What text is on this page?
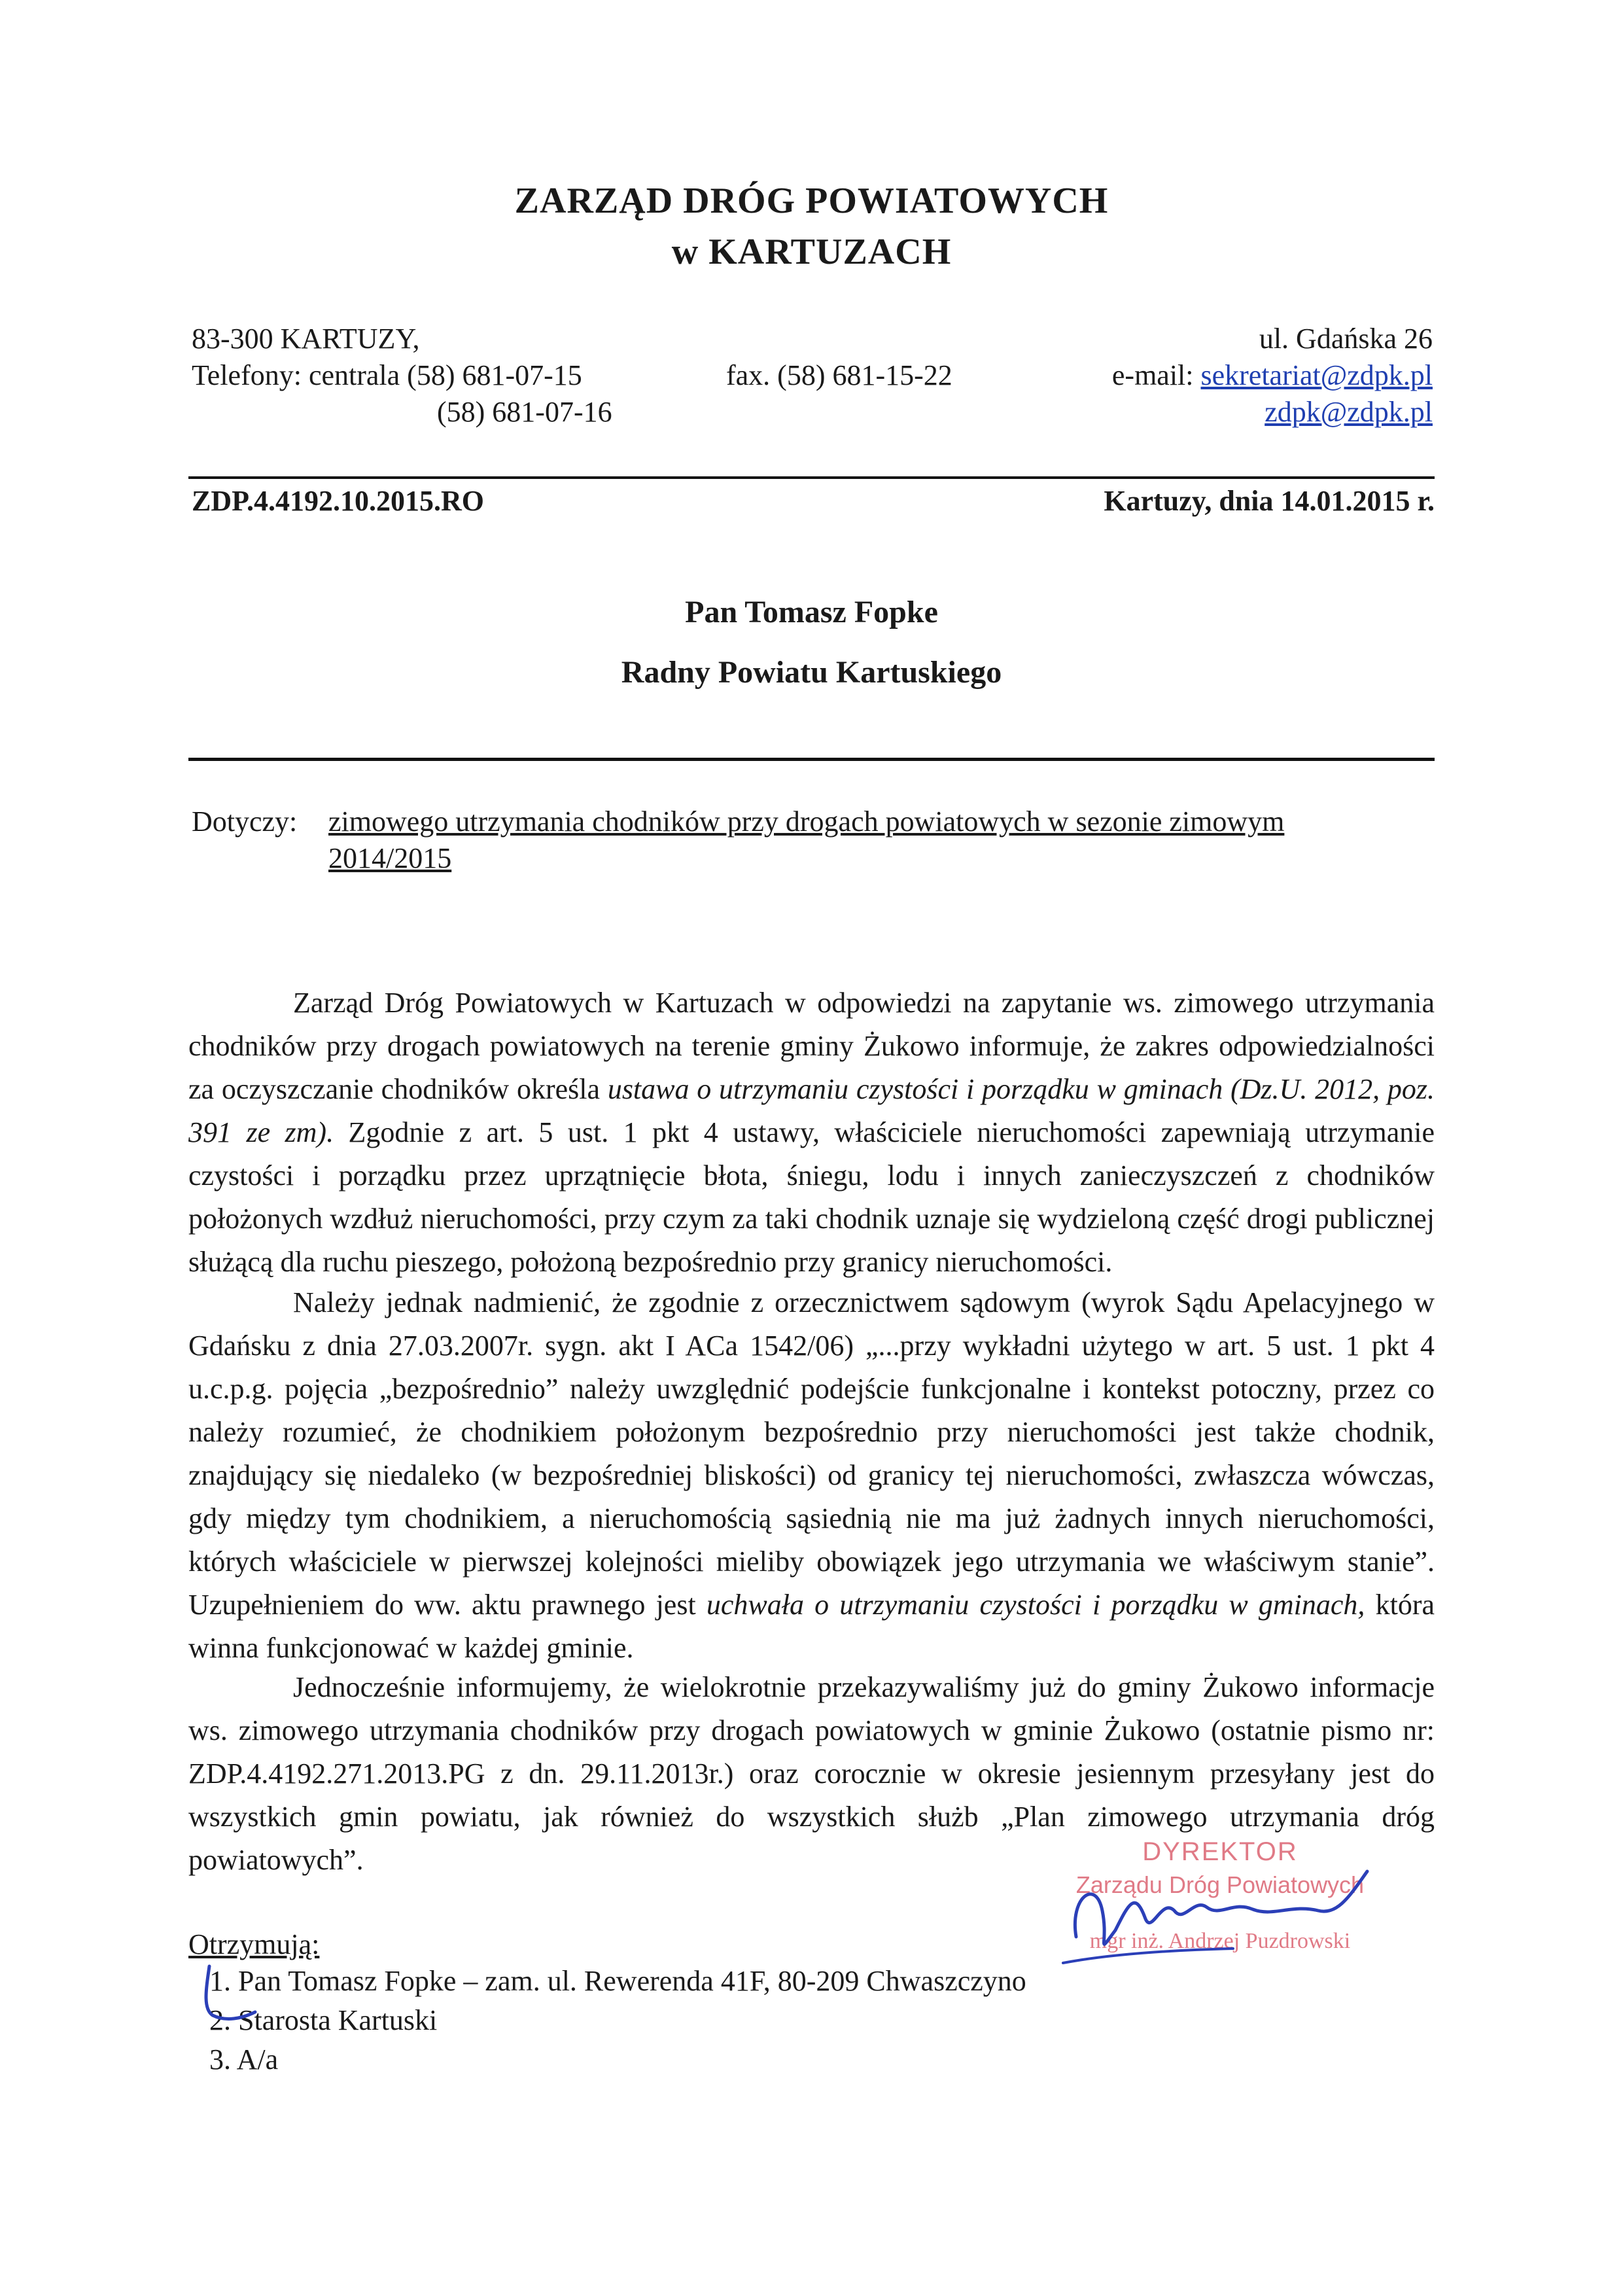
ZARZĄD DRÓG POWIATOWYCH
w KARTUZACH
83-300 KARTUZY,
Telefony: centrala (58) 681-07-15
(58) 681-07-16
fax. (58) 681-15-22
ul. Gdańska 26
e-mail: sekretariat@zdpk.pl
zdpk@zdpk.pl
ZDP.4.4192.10.2015.RO	Kartuzy, dnia 14.01.2015 r.
Pan Tomasz Fopke
Radny Powiatu Kartuskiego
Dotyczy: zimowego utrzymania chodników przy drogach powiatowych w sezonie zimowym
2014/2015
Zarząd Dróg Powiatowych w Kartuzach w odpowiedzi na zapytanie ws. zimowego utrzymania chodników przy drogach powiatowych na terenie gminy Żukowo informuje, że zakres odpowiedzialności za oczyszczanie chodników określa ustawa o utrzymaniu czystości i porządku w gminach (Dz.U. 2012, poz. 391 ze zm). Zgodnie z art. 5 ust. 1 pkt 4 ustawy, właściciele nieruchomości zapewniają utrzymanie czystości i porządku przez uprzątnięcie błota, śniegu, lodu i innych zanieczyszczeń z chodników położonych wzdłuż nieruchomości, przy czym za taki chodnik uznaje się wydzieloną część drogi publicznej służącą dla ruchu pieszego, położoną bezpośrednio przy granicy nieruchomości.
Należy jednak nadmienić, że zgodnie z orzecznictwem sądowym (wyrok Sądu Apelacyjnego w Gdańsku z dnia 27.03.2007r. sygn. akt I ACa 1542/06) „...przy wykładni użytego w art. 5 ust. 1 pkt 4 u.c.p.g. pojęcia „bezpośrednio” należy uwzględnić podejście funkcjonalne i kontekst potoczny, przez co należy rozumieć, że chodnikiem położonym bezpośrednio przy nieruchomości jest także chodnik, znajdujący się niedaleko (w bezpośredniej bliskości) od granicy tej nieruchomości, zwłaszcza wówczas, gdy między tym chodnikiem, a nieruchomością sąsiednią nie ma już żadnych innych nieruchomości, których właściciele w pierwszej kolejności mieliby obowiązek jego utrzymania we właściwym stanie”. Uzupełnieniem do ww. aktu prawnego jest uchwała o utrzymaniu czystości i porządku w gminach, która winna funkcjonować w każdej gminie.
Jednocześnie informujemy, że wielokrotnie przekazywaliśmy już do gminy Żukowo informacje ws. zimowego utrzymania chodników przy drogach powiatowych w gminie Żukowo (ostatnie pismo nr: ZDP.4.4192.271.2013.PG z dn. 29.11.2013r.) oraz corocznie w okresie jesiennym przesyłany jest do wszystkich gmin powiatu, jak również do wszystkich służb „Plan zimowego utrzymania dróg powiatowych”.	DYREKTOR
Zarządu Dróg Powiatowych
mgr inż. Andrzej Puzdrowski
Otrzymują:
1. Pan Tomasz Fopke – zam. ul. Rewerenda 41F, 80-209 Chwaszczyno
2. Starosta Kartuski
3. A/a
